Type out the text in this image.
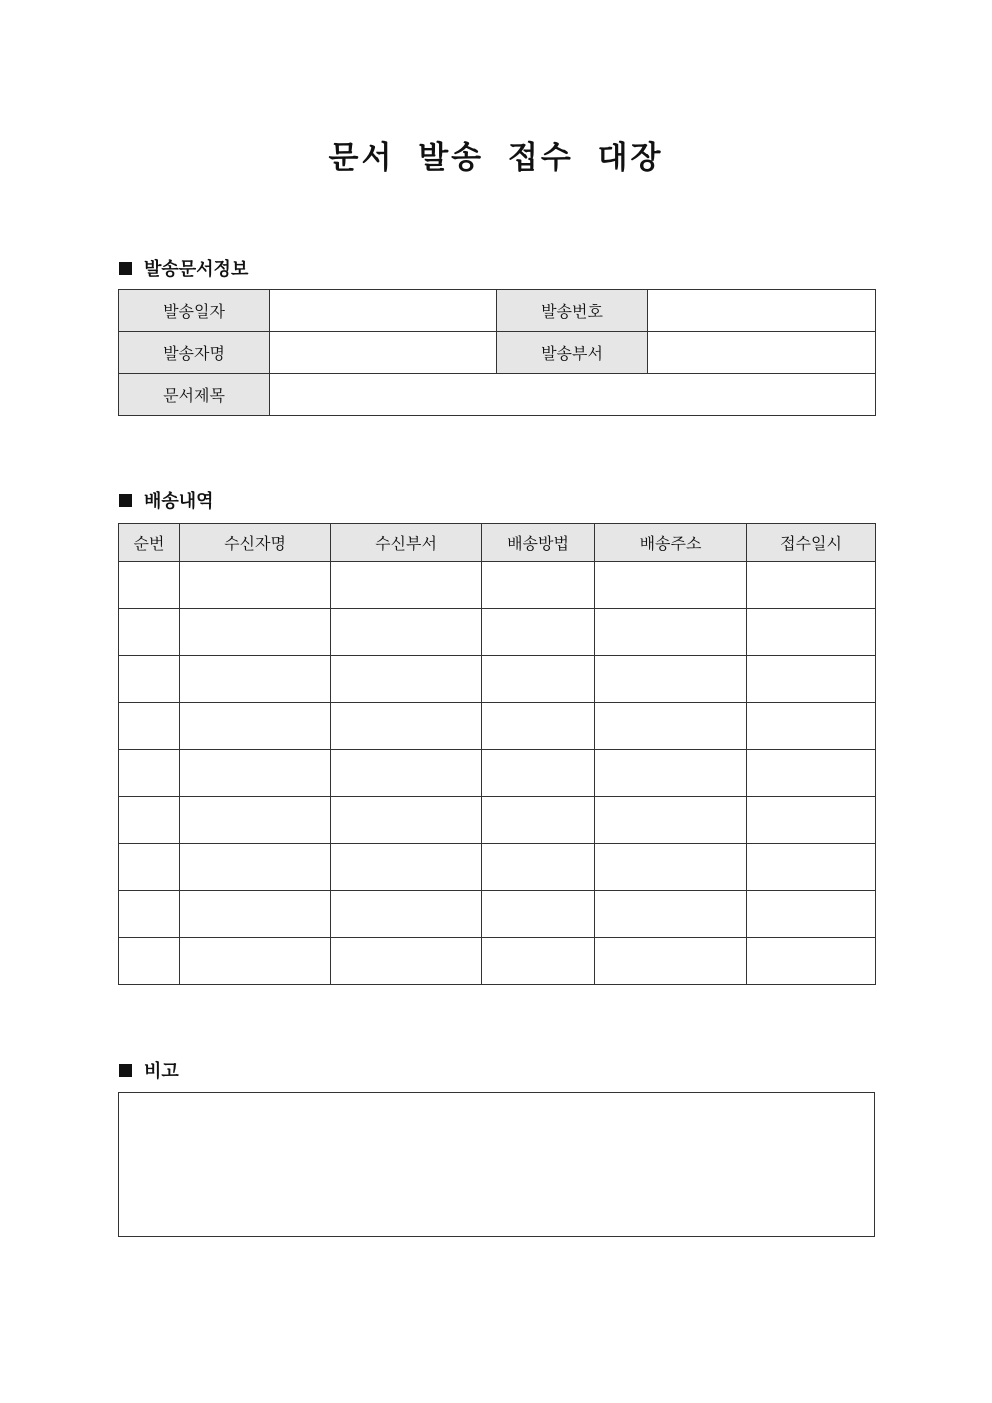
문서 발송 접수 대장
발송문서정보
발송일자		발송번호	
발송자명		발송부서	
문서제목			
배송내역
순번	수신자명	수신부서	배송방법	배송주소	접수일시

비고
